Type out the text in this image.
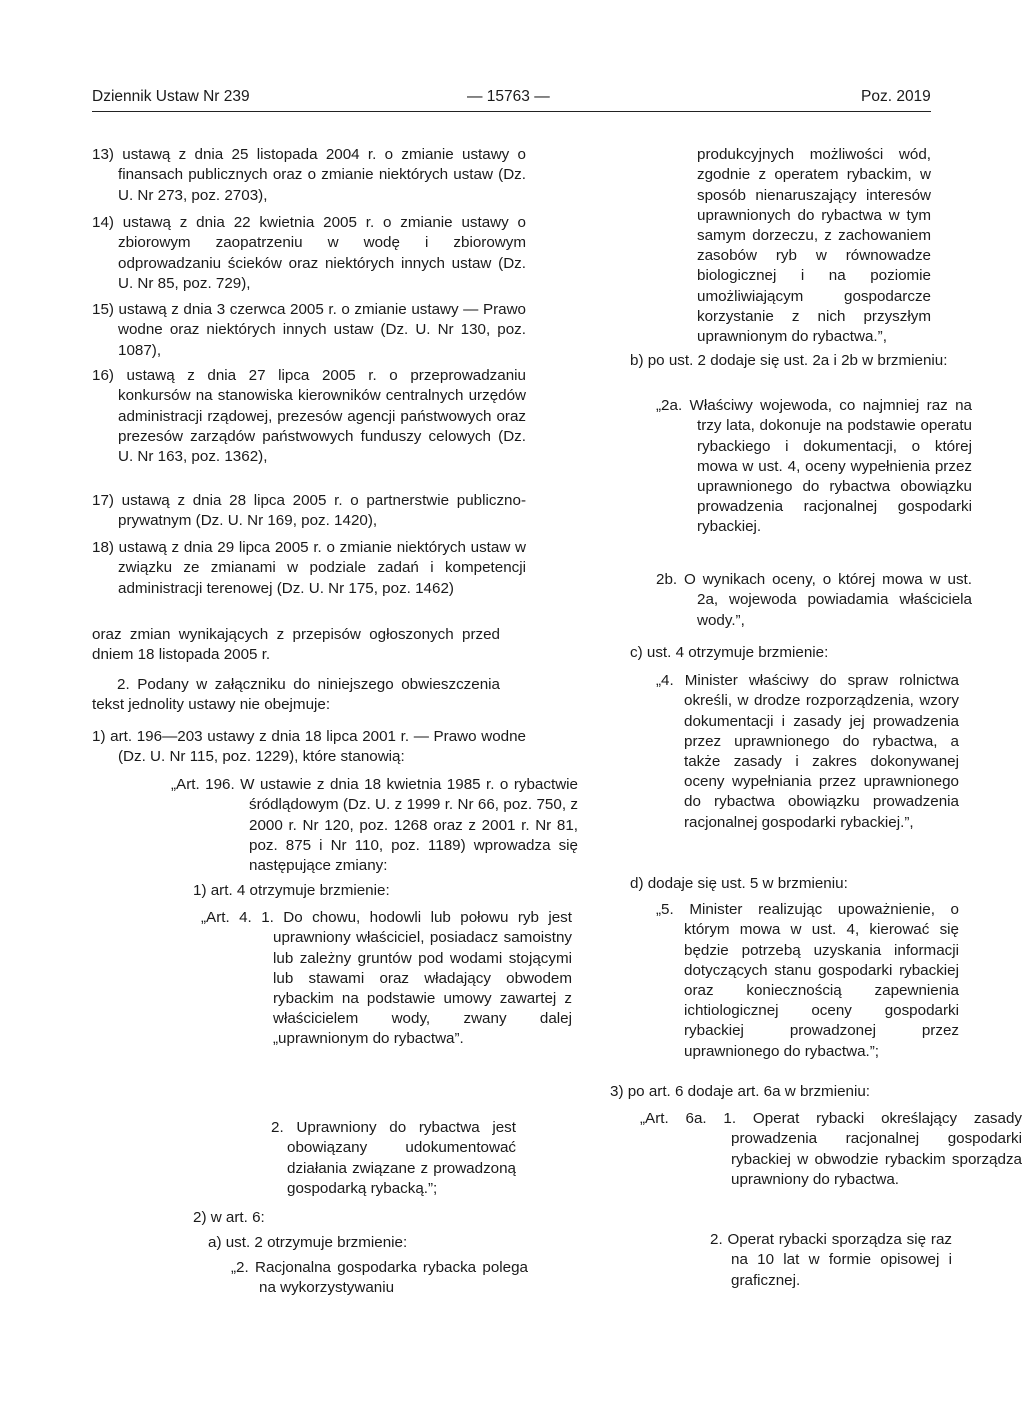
Dziennik Ustaw Nr 239	— 15763 —	Poz. 2019

13) ustawą z dnia 25 listopada 2004 r. o zmianie ustawy o finansach publicznych oraz o zmianie niektórych ustaw (Dz. U. Nr 273, poz. 2703),

14) ustawą z dnia 22 kwietnia 2005 r. o zmianie ustawy o zbiorowym zaopatrzeniu w wodę i zbiorowym odprowadzaniu ścieków oraz niektórych innych ustaw (Dz. U. Nr 85, poz. 729),

15) ustawą z dnia 3 czerwca 2005 r. o zmianie ustawy — Prawo wodne oraz niektórych innych ustaw (Dz. U. Nr 130, poz. 1087),

16) ustawą z dnia 27 lipca 2005 r. o przeprowadzaniu konkursów na stanowiska kierowników centralnych urzędów administracji rządowej, prezesów agencji państwowych oraz prezesów zarządów państwowych funduszy celowych (Dz. U. Nr 163, poz. 1362),

17) ustawą z dnia 28 lipca 2005 r. o partnerstwie publiczno-prywatnym (Dz. U. Nr 169, poz. 1420),

18) ustawą z dnia 29 lipca 2005 r. o zmianie niektórych ustaw w związku ze zmianami w podziale zadań i kompetencji administracji terenowej (Dz. U. Nr 175, poz. 1462)

oraz zmian wynikających z przepisów ogłoszonych przed dniem 18 listopada 2005 r.

2. Podany w załączniku do niniejszego obwieszczenia tekst jednolity ustawy nie obejmuje:

1) art. 196—203 ustawy z dnia 18 lipca 2001 r. — Prawo wodne (Dz. U. Nr 115, poz. 1229), które stanowią:

„Art. 196. W ustawie z dnia 18 kwietnia 1985 r. o rybactwie śródlądowym (Dz. U. z 1999 r. Nr 66, poz. 750, z 2000 r. Nr 120, poz. 1268 oraz z 2001 r. Nr 81, poz. 875 i Nr 110, poz. 1189) wprowadza się następujące zmiany:

1) art. 4 otrzymuje brzmienie:

„Art. 4. 1. Do chowu, hodowli lub połowu ryb jest uprawniony właściciel, posiadacz samoistny lub zależny gruntów pod wodami stojącymi lub stawami oraz władający obwodem rybackim na podstawie umowy zawartej z właścicielem wody, zwany dalej „uprawnionym do rybactwa”.

2. Uprawniony do rybactwa jest obowiązany udokumentować działania związane z prowadzoną gospodarką rybacką.”;

2) w art. 6:

a) ust. 2 otrzymuje brzmienie:

„2. Racjonalna gospodarka rybacka polega na wykorzystywaniu

produkcyjnych możliwości wód, zgodnie z operatem rybackim, w sposób nienaruszający interesów uprawnionych do rybactwa w tym samym dorzeczu, z zachowaniem zasobów ryb w równowadze biologicznej i na poziomie umożliwiającym gospodarcze korzystanie z nich przyszłym uprawnionym do rybactwa.”,

b) po ust. 2 dodaje się ust. 2a i 2b w brzmieniu:

„2a. Właściwy wojewoda, co najmniej raz na trzy lata, dokonuje na podstawie operatu rybackiego i dokumentacji, o której mowa w ust. 4, oceny wypełnienia przez uprawnionego do rybactwa obowiązku prowadzenia racjonalnej gospodarki rybackiej.

2b. O wynikach oceny, o której mowa w ust. 2a, wojewoda powiadamia właściciela wody.”,

c) ust. 4 otrzymuje brzmienie:

„4. Minister właściwy do spraw rolnictwa określi, w drodze rozporządzenia, wzory dokumentacji i zasady jej prowadzenia przez uprawnionego do rybactwa, a także zasady i zakres dokonywanej oceny wypełniania przez uprawnionego do rybactwa obowiązku prowadzenia racjonalnej gospodarki rybackiej.”,

d) dodaje się ust. 5 w brzmieniu:

„5. Minister realizując upoważnienie, o którym mowa w ust. 4, kierować się będzie potrzebą uzyskania informacji dotyczących stanu gospodarki rybackiej oraz koniecznością zapewnienia ichtiologicznej oceny gospodarki rybackiej prowadzonej przez uprawnionego do rybactwa.”;

3) po art. 6 dodaje art. 6a w brzmieniu:

„Art. 6a. 1. Operat rybacki określający zasady prowadzenia racjonalnej gospodarki rybackiej w obwodzie rybackim sporządza uprawniony do rybactwa.

2. Operat rybacki sporządza się raz na 10 lat w formie opisowej i graficznej.
